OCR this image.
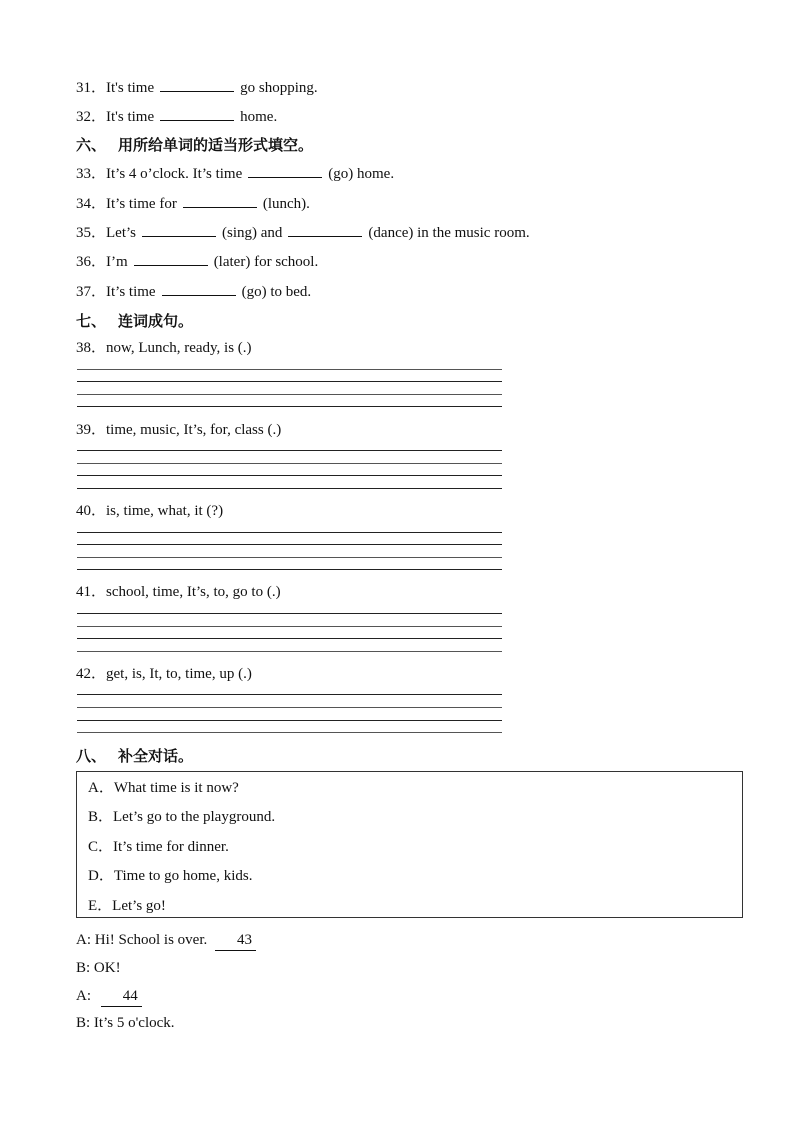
31．It's time	go shopping.
32．It's time	home.
六、 用所给单词的适当形式填空。
33．It’s 4 o’clock. It’s time	(go) home.
34．It’s time for	(lunch).
35．Let’s	(sing) and	(dance) in the music room.
36．I’m	(later) for school.
37．It’s time	(go) to bed.
七、 连词成句。
38．now, Lunch, ready, is (.)
39．time, music, It’s, for, class (.)
40．is, time, what, it (?)
41．school, time, It’s, to, go to (.)
42．get, is, It, to, time, up (.)
八、 补全对话。
A．What time is it now?
B．Let’s go to the playground.
C．It’s time for dinner.
D．Time to go home, kids.
E．Let’s go!
A: Hi! School is over. 43
B: OK!
A: 44
B: It’s 5 o'clock.
